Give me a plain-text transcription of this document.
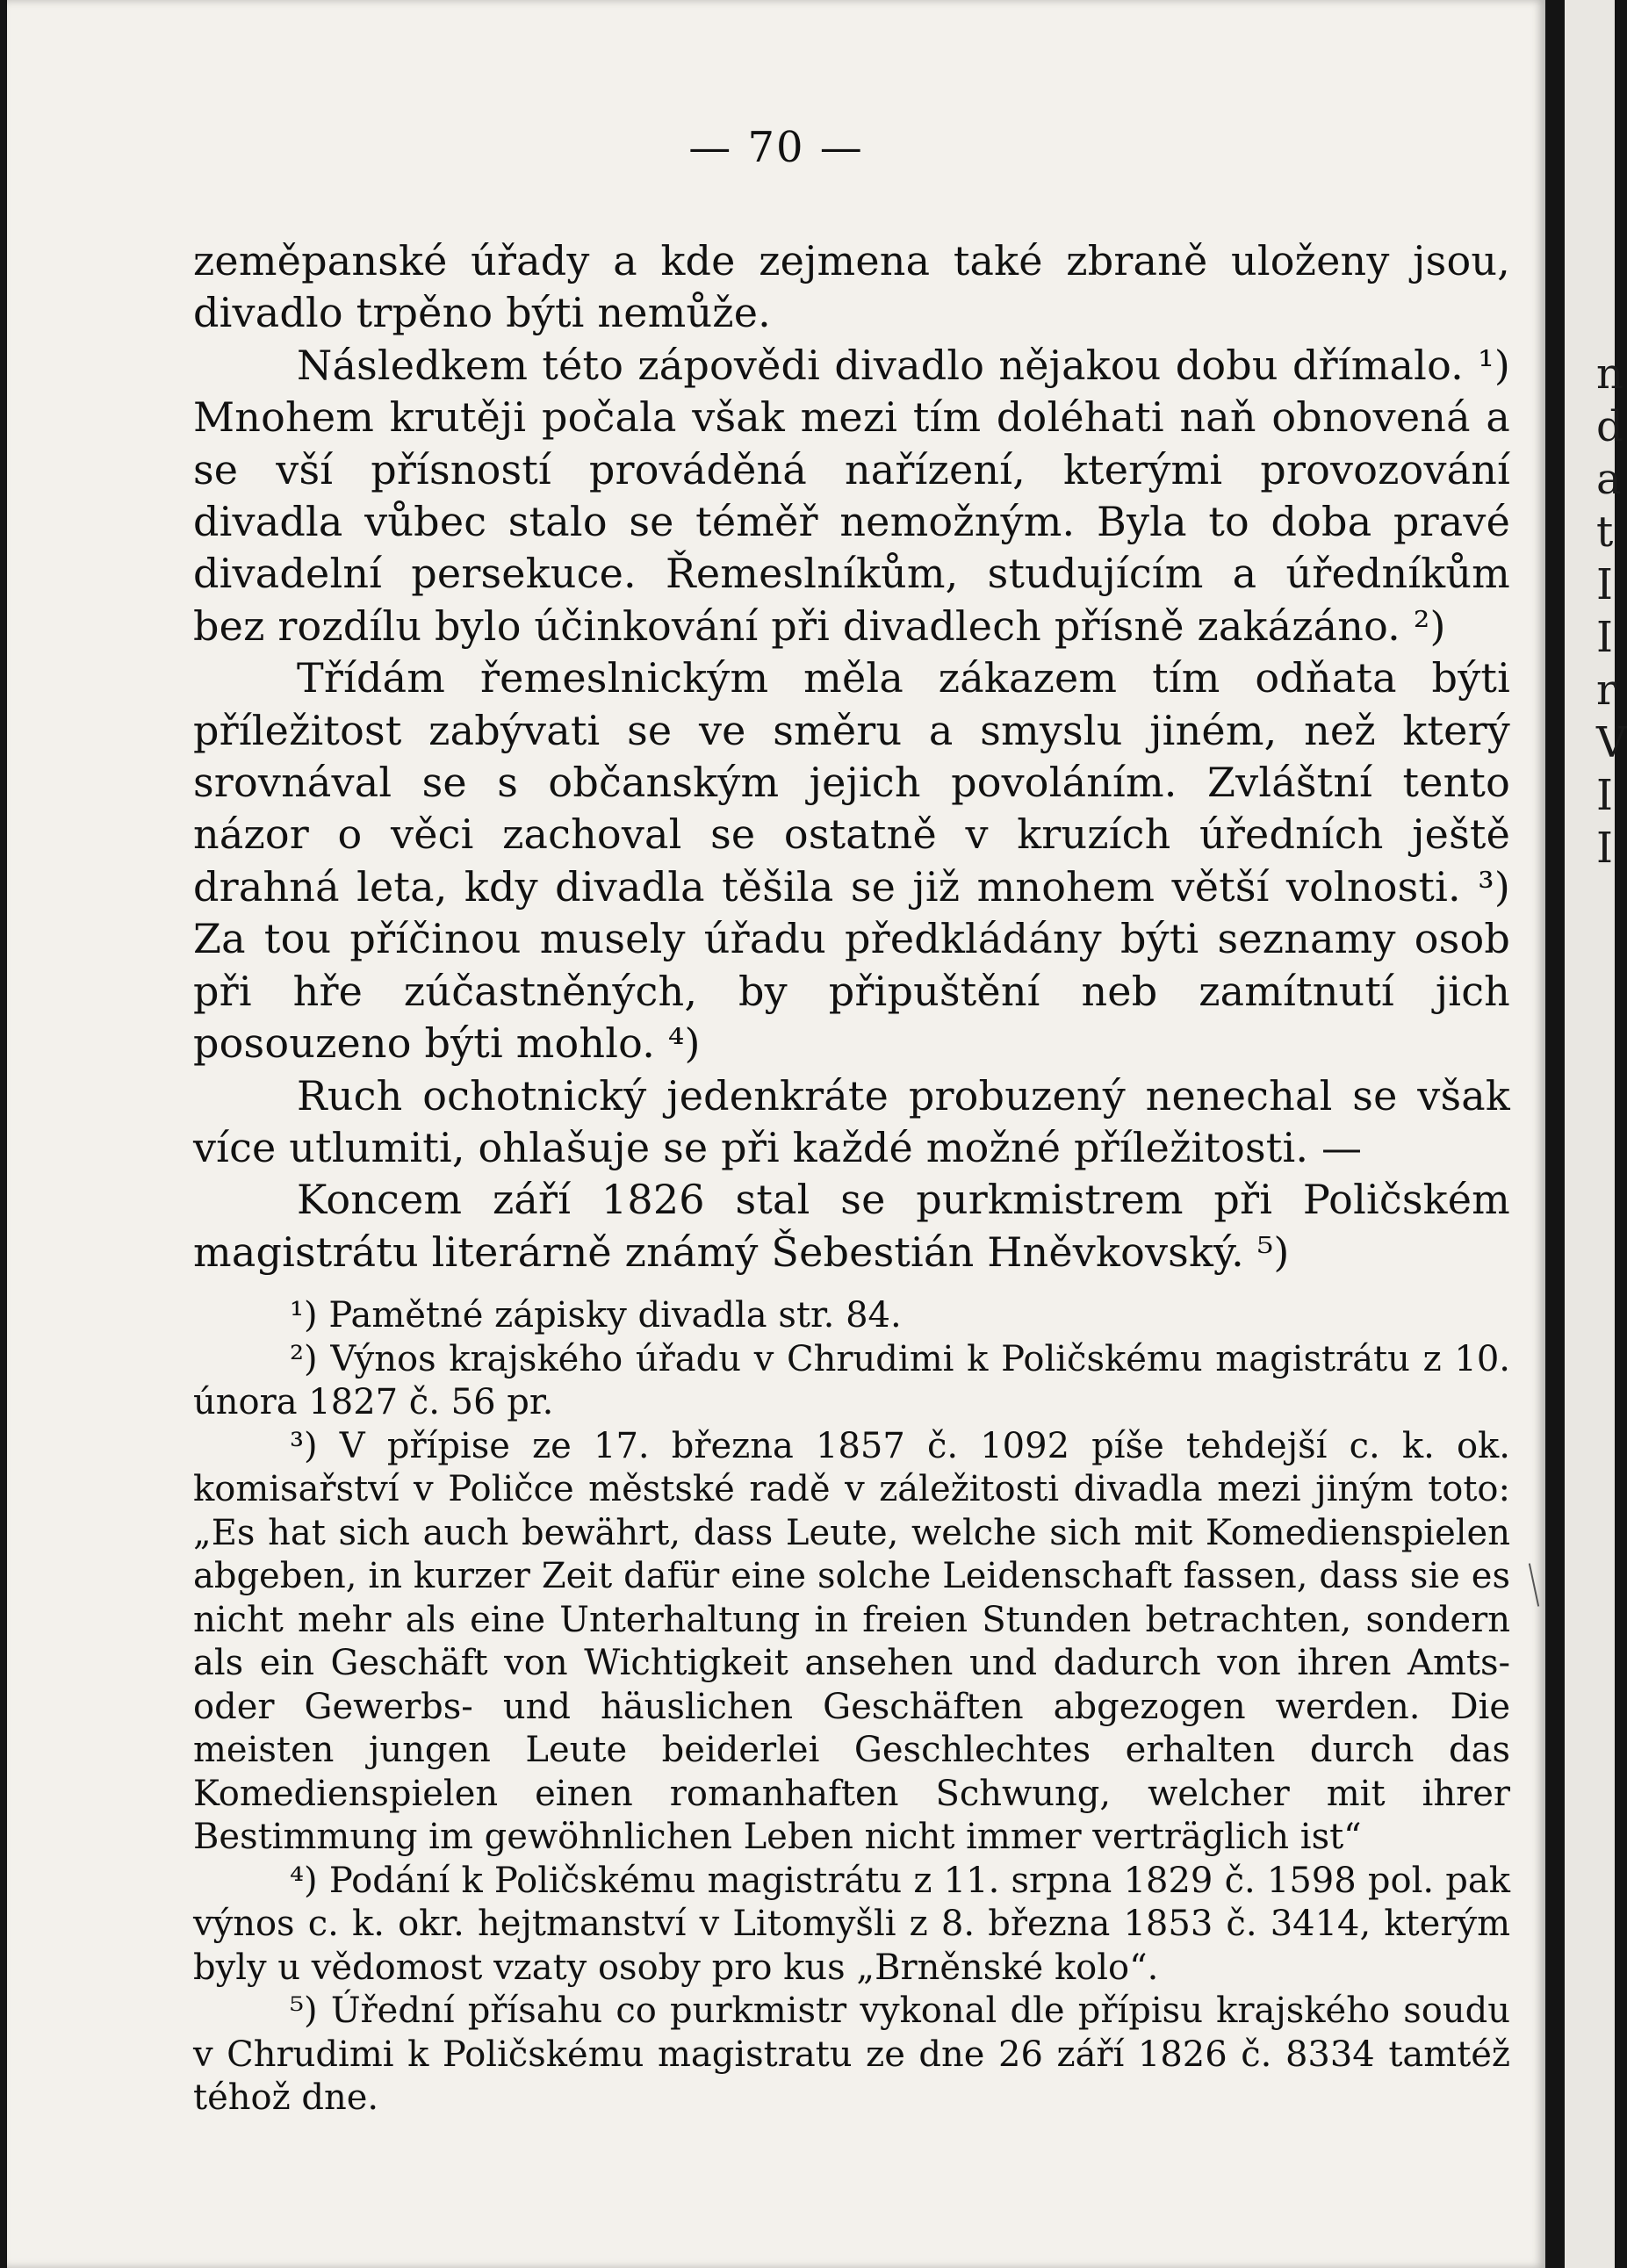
— 70 —

zeměpanské úřady a kde zejmena také zbraně uloženy jsou, divadlo trpěno býti nemůže.

Následkem této zápovědi divadlo nějakou dobu dřímalo. ¹) Mnohem krutěji počala však mezi tím doléhati naň obnovená a se vší přísností prováděná nařízení, kterými provozování divadla vůbec stalo se téměř nemožným. Byla to doba pravé divadelní persekuce. Řemeslníkům, studujícím a úředníkům bez rozdílu bylo účinkování při divadlech přísně zakázáno. ²)

Třídám řemeslnickým měla zákazem tím odňata býti příležitost zabývati se ve směru a smyslu jiném, než který srovnával se s občanským jejich povoláním. Zvláštní tento názor o věci zachoval se ostatně v kruzích úředních ještě drahná leta, kdy divadla těšila se již mnohem větší volnosti. ³) Za tou příčinou musely úřadu předkládány býti seznamy osob při hře zúčastněných, by připuštění neb zamítnutí jich posouzeno býti mohlo. ⁴)

Ruch ochotnický jedenkráte probuzený nenechal se však více utlumiti, ohlašuje se při každé možné příležitosti. —

Koncem září 1826 stal se purkmistrem při Poličském magistrátu literárně známý Šebestián Hněvkovský. ⁵)

¹) Pamětné zápisky divadla str. 84.

²) Výnos krajského úřadu v Chrudimi k Poličskému magistrátu z 10. února 1827 č. 56 pr.

³) V přípise ze 17. března 1857 č. 1092 píše tehdejší c. k. ok. komisařství v Poličce městské radě v záležitosti divadla mezi jiným toto: „Es hat sich auch bewährt, dass Leute, welche sich mit Komedienspielen abgeben, in kurzer Zeit dafür eine solche Leidenschaft fassen, dass sie es nicht mehr als eine Unterhaltung in freien Stunden betrachten, sondern als ein Geschäft von Wichtigkeit ansehen und dadurch von ihren Amts- oder Gewerbs- und häuslichen Geschäften abgezogen werden. Die meisten jungen Leute beiderlei Geschlechtes erhalten durch das Komedienspielen einen romanhaften Schwung, welcher mit ihrer Bestimmung im gewöhnlichen Leben nicht immer verträglich ist“

⁴) Podání k Poličskému magistrátu z 11. srpna 1829 č. 1598 pol. pak výnos c. k. okr. hejtmanství v Litomyšli z 8. března 1853 č. 3414, kterým byly u vědomost vzaty osoby pro kus „Brněnské kolo“.

⁵) Úřední přísahu co purkmistr vykonal dle přípisu krajského soudu v Chrudimi k Poličskému magistratu ze dne 26 září 1826 č. 8334 tamtéž téhož dne.

n
d
a
t
I
I
r
V
I
I
